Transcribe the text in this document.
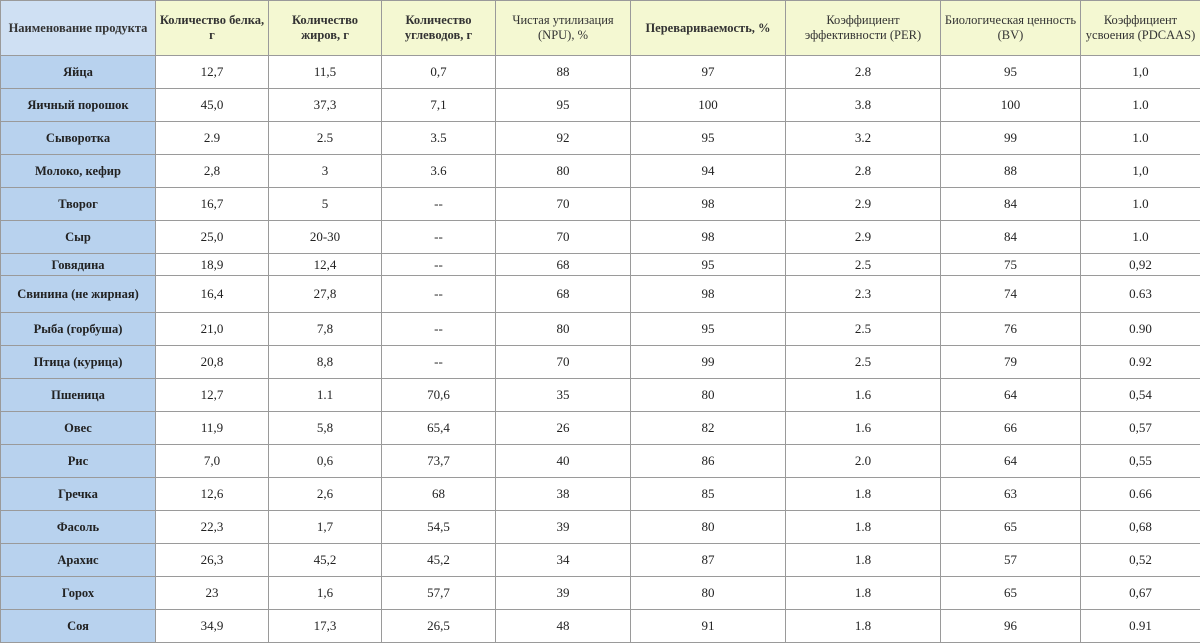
Наименование продукта	Количество белка, г	Количество жиров, г	Количество углеводов, г	Чистая утилизация (NPU), %	Перевариваемость, %	Коэффициент эффективности (PER)	Биологическая ценность (BV)	Коэффициент усвоения (PDCAAS)
Яйца	12,7	11,5	0,7	88	97	2.8	95	1,0
Яичный порошок	45,0	37,3	7,1	95	100	3.8	100	1.0
Сыворотка	2.9	2.5	3.5	92	95	3.2	99	1.0
Молоко, кефир	2,8	3	3.6	80	94	2.8	88	1,0
Творог	16,7	5	--	70	98	2.9	84	1.0
Сыр	25,0	20-30	--	70	98	2.9	84	1.0
Говядина	18,9	12,4	--	68	95	2.5	75	0,92
Свинина (не жирная)	16,4	27,8	--	68	98	2.3	74	0.63
Рыба (горбуша)	21,0	7,8	--	80	95	2.5	76	0.90
Птица (курица)	20,8	8,8	--	70	99	2.5	79	0.92
Пшеница	12,7	1.1	70,6	35	80	1.6	64	0,54
Овес	11,9	5,8	65,4	26	82	1.6	66	0,57
Рис	7,0	0,6	73,7	40	86	2.0	64	0,55
Гречка	12,6	2,6	68	38	85	1.8	63	0.66
Фасоль	22,3	1,7	54,5	39	80	1.8	65	0,68
Арахис	26,3	45,2	45,2	34	87	1.8	57	0,52
Горох	23	1,6	57,7	39	80	1.8	65	0,67
Соя	34,9	17,3	26,5	48	91	1.8	96	0.91
